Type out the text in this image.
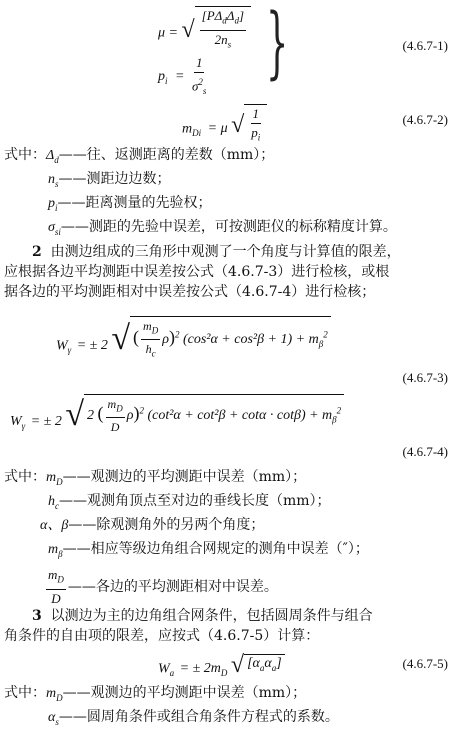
μ = √ $\frac{[P\Delta_d\Delta_d]}{2n_s}$
$p_i = \frac{1}{\sigma^2_s}$ }	(4.6.7-1)
$m_{Di} = \mu$ √ $\frac{1}{p_i}$	(4.6.7-2)
式中：$\Delta_d——$往、返测距离的差数（mm）；
$n_s——$测距边边数；
$p_i——$距离测量的先验权；
$\sigma_{si}——$测距的先验中误差，可按测距仪的标称精度计算。
2 由测边组成的三角形中观测了一个角度与计算值的限差，
应根据各边平均测距中误差按公式（4.6.7-3）进行检核，或根
据各边的平均测距相对中误差按公式（4.6.7-4）进行检核；
$W_\gamma$ = ± 2 √ ( $\frac{m_D}{h_c} \rho)^2$ $(\cos^2\alpha + \cos^2\beta + 1) + m_\beta^2$
(4.6.7-3)
$W_\gamma$ = ± 2 √ 2 ( $\frac{m_D}{D} \rho)^2$ $(\cot^2\alpha + \cot^2\beta + \cot\alpha \cdot \cot\beta) + m_\beta^2$
(4.6.7-4)
式中：$m_D——$观测边的平均测距中误差（mm）；
$h_c——$观测角顶点至对边的垂线长度（mm）；
α、β——除观测角外的另两个角度；
$m_\beta——$相应等级边角组合网规定的测角中误差（″）；
$\frac{m_D}{D}$ ——各边的平均测距相对中误差。
3 以测边为主的边角组合网条件，包括圆周条件与组合
角条件的自由项的限差，应按式（4.6.7-5）计算：
$W_a$ = ± $2m_D$ √ $[\alpha_a\alpha_a]$	(4.6.7-5)
式中：$m_D——$观测边的平均测距中误差（mm）；
$\alpha_s——$圆周角条件或组合角条件方程式的系数。
